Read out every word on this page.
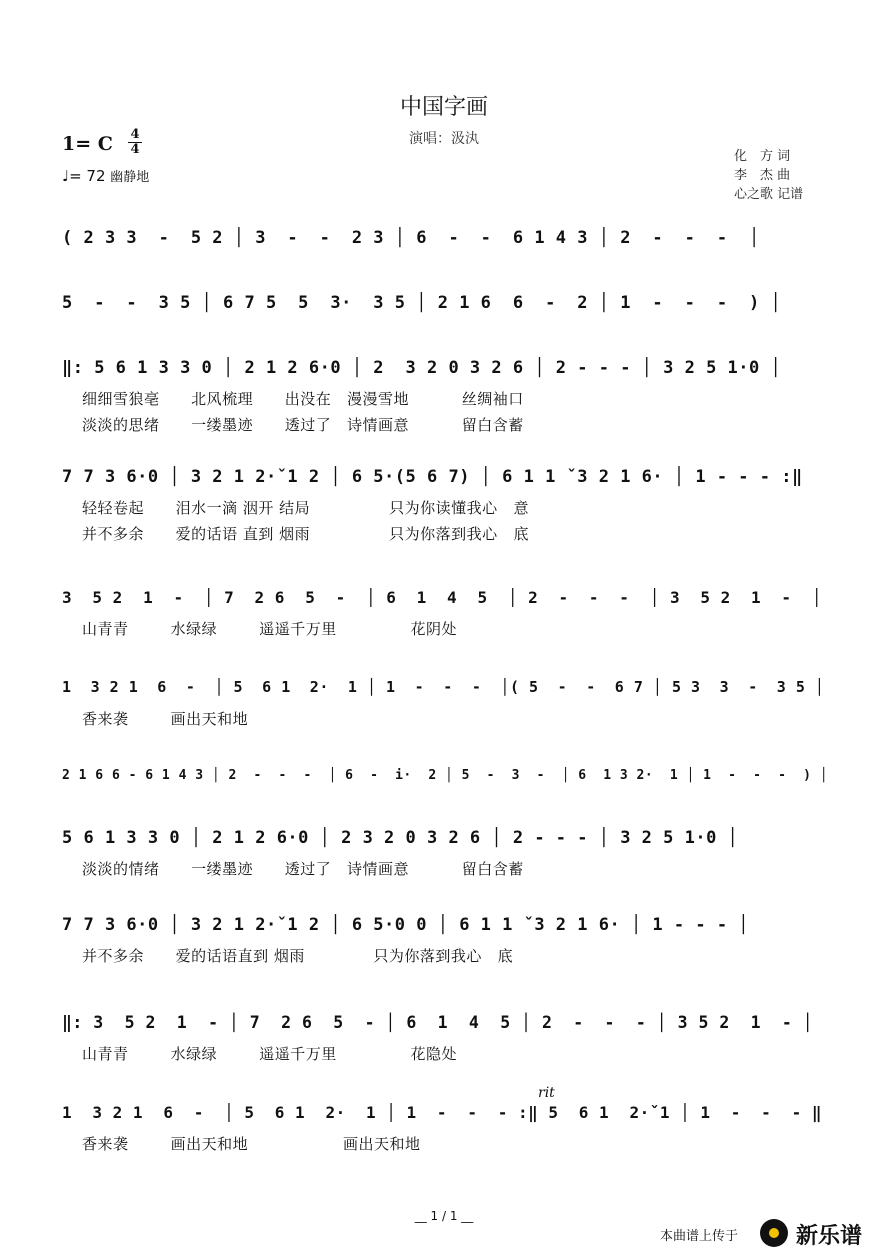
中国字画
演唱：汲汍
1= C 4
4
♩= 72 幽静地
化　方 词
李　杰 曲
心之歌 记谱
rit
( 2 3 3  -  5 2 │ 3  -  -  2 3 │ 6  -  -  6 1 4 3 │ 2  -  -  -  │
5  -  -  3 5 │ 6 7 5  5  3·  3 5 │ 2 1 6  6  -  2 │ 1  -  -  -  ) │
‖: 5 6 1 3 3 0 │ 2 1 2 6·0 │ 2  3 2 0 3 2 6 │ 2 - - - │ 3 2 5 1·0 │
细细雪狼亳      北风梳理      出没在   漫漫雪地          丝绸袖口
淡淡的思绪      一缕墨迹      透过了   诗情画意          留白含蓄
7 7 3 6·0 │ 3 2 1 2·ˇ1 2 │ 6 5·(5 6 7) │ 6 1 1 ˇ3 2 1 6· │ 1 - - - :‖
轻轻卷起      泪水一滴 洇开 结局               只为你读懂我心   意
并不多余      爱的话语 直到 烟雨               只为你落到我心   底
3  5 2  1  -  │ 7  2 6  5  -  │ 6  1  4  5  │ 2  -  -  -  │ 3  5 2  1  -  │
山青青        水绿绿        遥遥千万里              花阴处
1  3 2 1  6  -  │ 5  6 1  2·  1 │ 1  -  -  -  │( 5  -  -  6 7 │ 5 3  3  -  3 5 │
香来袭        画出天和地
2 1 6 6 - 6 1 4 3 │ 2  -  -  -  │ 6  -  i·  2 │ 5  -  3  -  │ 6  1 3 2·  1 │ 1  -  -  -  ) │
5 6 1 3 3 0 │ 2 1 2 6·0 │ 2 3 2 0 3 2 6 │ 2 - - - │ 3 2 5 1·0 │
淡淡的情绪      一缕墨迹      透过了   诗情画意          留白含蓄
7 7 3 6·0 │ 3 2 1 2·ˇ1 2 │ 6 5·0 0 │ 6 1 1 ˇ3 2 1 6· │ 1 - - - │
并不多余      爱的话语直到 烟雨             只为你落到我心   底
‖: 3  5 2  1  - │ 7  2 6  5  - │ 6  1  4  5 │ 2  -  -  - │ 3 5 2  1  - │
山青青        水绿绿        遥遥千万里              花隐处
1  3 2 1  6  -  │ 5  6 1  2·  1 │ 1  -  -  - :‖ 5  6 1  2·ˇ1 │ 1  -  -  - ‖
香来袭        画出天和地                  画出天和地
__ 1 / 1 __
本曲谱上传于	新乐谱
